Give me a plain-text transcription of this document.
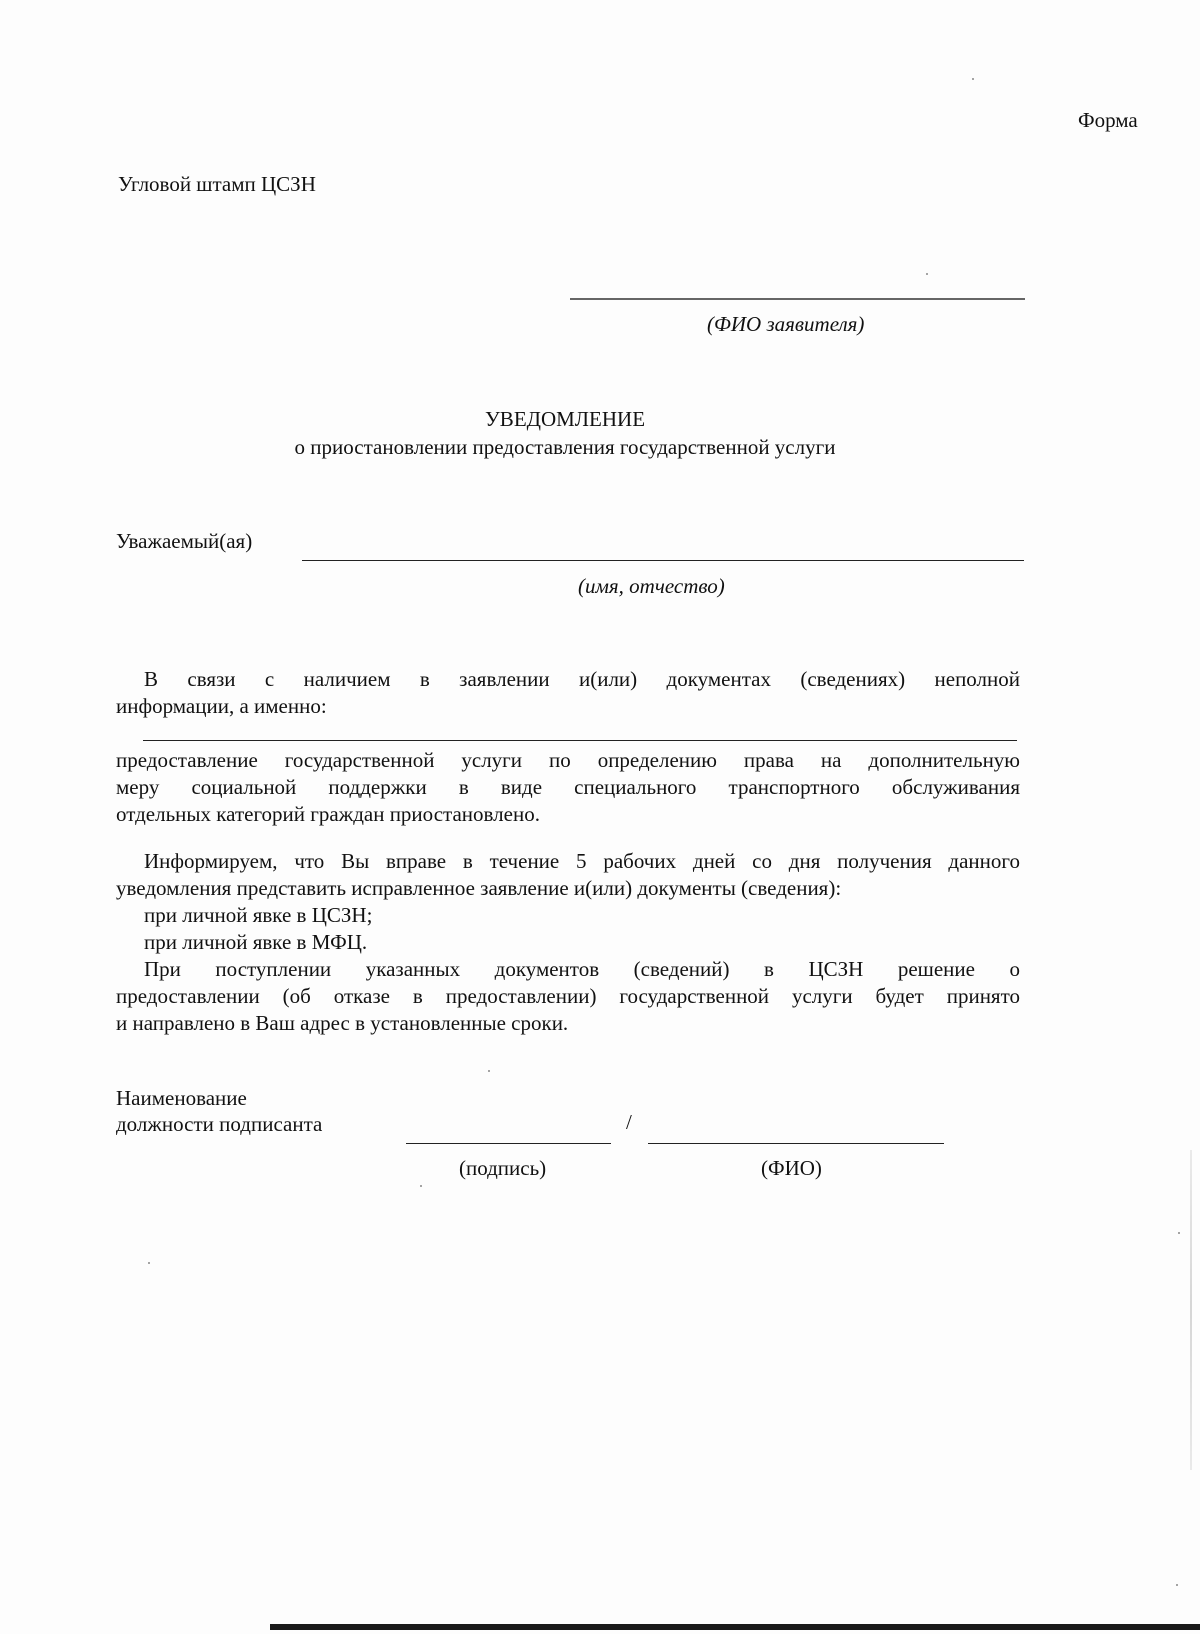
Форма
Угловой штамп ЦСЗН
(ФИО заявителя)
УВЕДОМЛЕНИЕ
о приостановлении предоставления государственной услуги
Уважаемый(ая)
(имя, отчество)
В связи с наличием в заявлении и(или) документах (сведениях) неполной
информации, а именно:
предоставление государственной услуги по определению права на дополнительную
меру социальной поддержки в виде специального транспортного обслуживания
отдельных категорий граждан приостановлено.
Информируем, что Вы вправе в течение 5 рабочих дней со дня получения данного
уведомления представить исправленное заявление и(или) документы (сведения):
при личной явке в ЦСЗН;
при личной явке в МФЦ.
При поступлении указанных документов (сведений) в ЦСЗН решение о
предоставлении (об отказе в предоставлении) государственной услуги будет принято
и направлено в Ваш адрес в установленные сроки.
Наименование
должности подписанта	/
(подпись)	(ФИО)
